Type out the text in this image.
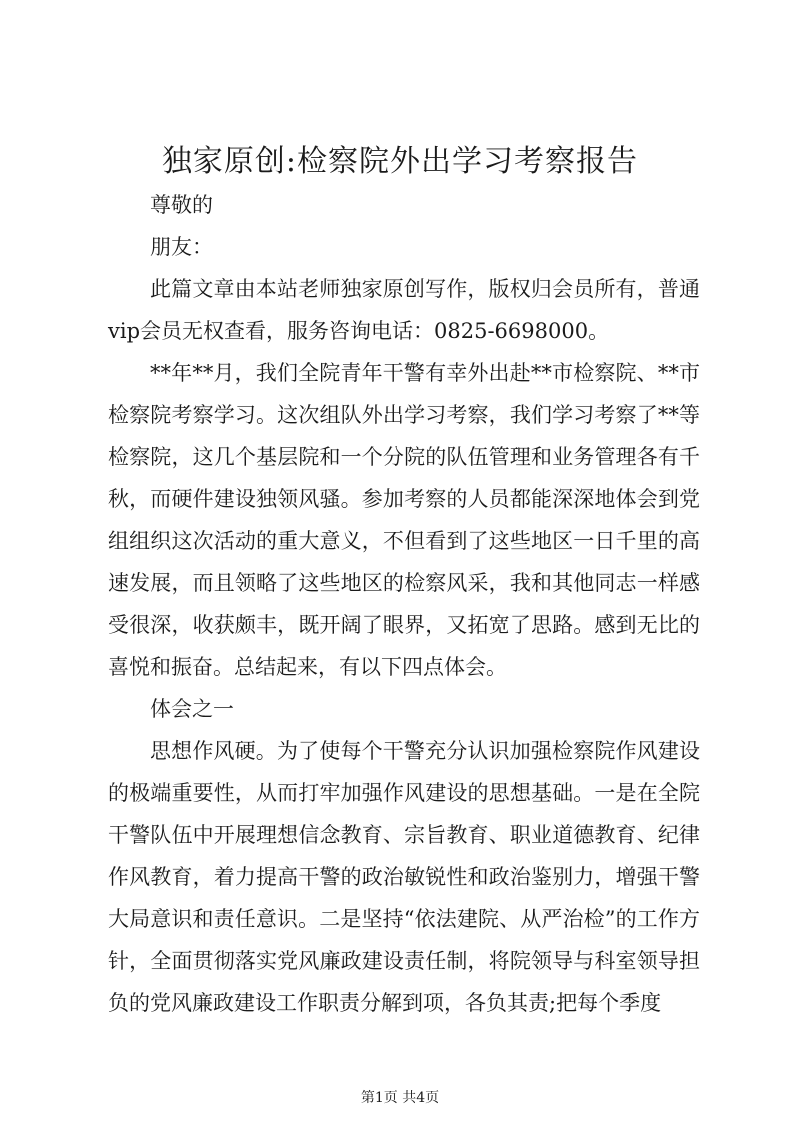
独家原创:检察院外出学习考察报告

尊敬的

朋友：

此篇文章由本站老师独家原创写作，版权归会员所有，普通vip会员无权查看，服务咨询电话：0825-6698000。

**年**月，我们全院青年干警有幸外出赴**市检察院、**市检察院考察学习。这次组队外出学习考察，我们学习考察了**等检察院，这几个基层院和一个分院的队伍管理和业务管理各有千秋，而硬件建设独领风骚。参加考察的人员都能深深地体会到党组组织这次活动的重大意义，不但看到了这些地区一日千里的高速发展，而且领略了这些地区的检察风采，我和其他同志一样感受很深，收获颇丰，既开阔了眼界，又拓宽了思路。感到无比的喜悦和振奋。总结起来，有以下四点体会。

体会之一

思想作风硬。为了使每个干警充分认识加强检察院作风建设的极端重要性，从而打牢加强作风建设的思想基础。一是在全院干警队伍中开展理想信念教育、宗旨教育、职业道德教育、纪律作风教育，着力提高干警的政治敏锐性和政治鉴别力，增强干警大局意识和责任意识。二是坚持“依法建院、从严治检”的工作方针，全面贯彻落实党风廉政建设责任制，将院领导与科室领导担负的党风廉政建设工作职责分解到项，各负其责;把每个季度

第1页 共4页
